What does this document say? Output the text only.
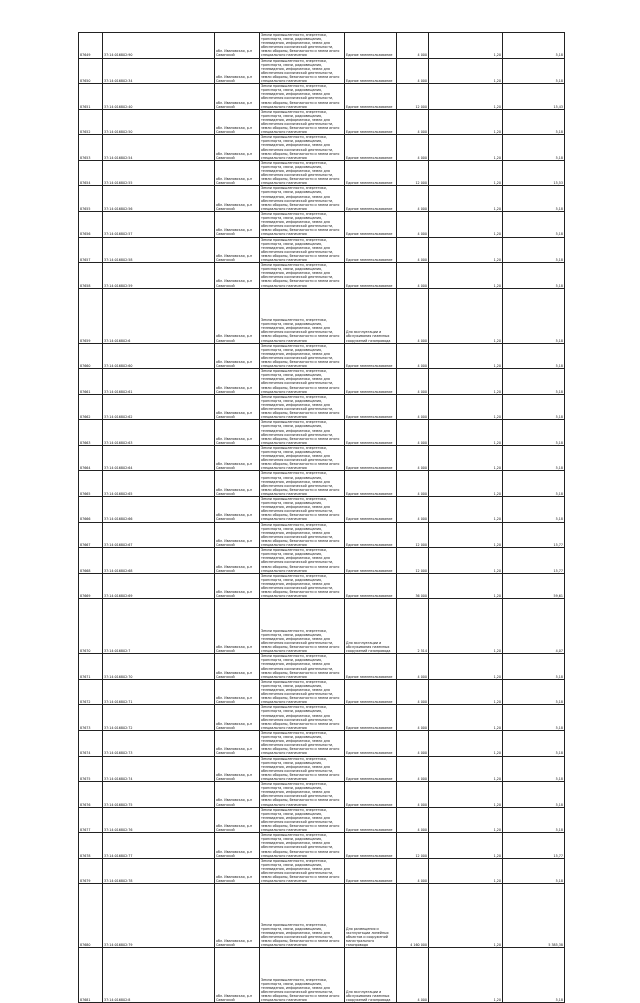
87649	37:14:016802:90	обл. Ивановская, р-н Савинский	Земли промышленности, энергетики, транспорта, связи, радиовещания, телевидения, информатики, земли для обеспечения космической деятельности, земли обороны, безопасности и земли иного специального назначения	Единое землепользование	4 000	1,20	5,18
87650	37:14:016802:34	обл. Ивановская, р-н Савинский	Земли промышленности, энергетики, транспорта, связи, радиовещания, телевидения, информатики, земли для обеспечения космической деятельности, земли обороны, безопасности и земли иного специального назначения	Единое землепользование	4 000	1,20	5,18
87651	37:14:016802:40	обл. Ивановская, р-н Савинский	Земли промышленности, энергетики, транспорта, связи, радиовещания, телевидения, информатики, земли для обеспечения космической деятельности, земли обороны, безопасности и земли иного специального назначения	Единое землепользование	12 000	1,20	15,43
87652	37:14:016802:50	обл. Ивановская, р-н Савинский	Земли промышленности, энергетики, транспорта, связи, радиовещания, телевидения, информатики, земли для обеспечения космической деятельности, земли обороны, безопасности и земли иного специального назначения	Единое землепользование	4 000	1,20	5,18
87653	37:14:016802:54	обл. Ивановская, р-н Савинский	Земли промышленности, энергетики, транспорта, связи, радиовещания, телевидения, информатики, земли для обеспечения космической деятельности, земли обороны, безопасности и земли иного специального назначения	Единое землепользование	4 000	1,20	5,18
87654	37:14:016802:55	обл. Ивановская, р-н Савинский	Земли промышленности, энергетики, транспорта, связи, радиовещания, телевидения, информатики, земли для обеспечения космической деятельности, земли обороны, безопасности и земли иного специального назначения	Единое землепользование	12 000	1,20	15,53
87655	37:14:016802:56	обл. Ивановская, р-н Савинский	Земли промышленности, энергетики, транспорта, связи, радиовещания, телевидения, информатики, земли для обеспечения космической деятельности, земли обороны, безопасности и земли иного специального назначения	Единое землепользование	4 000	1,20	5,18
87656	37:14:016802:57	обл. Ивановская, р-н Савинский	Земли промышленности, энергетики, транспорта, связи, радиовещания, телевидения, информатики, земли для обеспечения космической деятельности, земли обороны, безопасности и земли иного специального назначения	Единое землепользование	4 000	1,20	5,18
87657	37:14:016802:58	обл. Ивановская, р-н Савинский	Земли промышленности, энергетики, транспорта, связи, радиовещания, телевидения, информатики, земли для обеспечения космической деятельности, земли обороны, безопасности и земли иного специального назначения	Единое землепользование	4 000	1,20	5,18
87658	37:14:016802:59	обл. Ивановская, р-н Савинский	Земли промышленности, энергетики, транспорта, связи, радиовещания, телевидения, информатики, земли для обеспечения космической деятельности, земли обороны, безопасности и земли иного специального назначения	Единое землепользование	4 000	1,20	5,18
87659	37:14:016802:6	обл. Ивановская, р-н Савинский	Земли промышленности, энергетики, транспорта, связи, радиовещания, телевидения, информатики, земли для обеспечения космической деятельности, земли обороны, безопасности и земли иного специального назначения	Для эксплуатации и обслуживания наземных сооружений газопровода	4 000	1,20	5,18
87660	37:14:016802:60	обл. Ивановская, р-н Савинский	Земли промышленности, энергетики, транспорта, связи, радиовещания, телевидения, информатики, земли для обеспечения космической деятельности, земли обороны, безопасности и земли иного специального назначения	Единое землепользование	4 000	1,20	5,18
87661	37:14:016802:61	обл. Ивановская, р-н Савинский	Земли промышленности, энергетики, транспорта, связи, радиовещания, телевидения, информатики, земли для обеспечения космической деятельности, земли обороны, безопасности и земли иного специального назначения	Единое землепользование	4 000	1,20	5,18
87662	37:14:016802:62	обл. Ивановская, р-н Савинский	Земли промышленности, энергетики, транспорта, связи, радиовещания, телевидения, информатики, земли для обеспечения космической деятельности, земли обороны, безопасности и земли иного специального назначения	Единое землепользование	4 000	1,20	5,18
87663	37:14:016802:63	обл. Ивановская, р-н Савинский	Земли промышленности, энергетики, транспорта, связи, радиовещания, телевидения, информатики, земли для обеспечения космической деятельности, земли обороны, безопасности и земли иного специального назначения	Единое землепользование	4 000	1,20	5,18
87664	37:14:016802:64	обл. Ивановская, р-н Савинский	Земли промышленности, энергетики, транспорта, связи, радиовещания, телевидения, информатики, земли для обеспечения космической деятельности, земли обороны, безопасности и земли иного специального назначения	Единое землепользование	4 000	1,20	5,18
87665	37:14:016802:65	обл. Ивановская, р-н Савинский	Земли промышленности, энергетики, транспорта, связи, радиовещания, телевидения, информатики, земли для обеспечения космической деятельности, земли обороны, безопасности и земли иного специального назначения	Единое землепользование	4 000	1,20	5,18
87666	37:14:016802:66	обл. Ивановская, р-н Савинский	Земли промышленности, энергетики, транспорта, связи, радиовещания, телевидения, информатики, земли для обеспечения космической деятельности, земли обороны, безопасности и земли иного специального назначения	Единое землепользование	4 000	1,20	5,18
87667	37:14:016802:67	обл. Ивановская, р-н Савинский	Земли промышленности, энергетики, транспорта, связи, радиовещания, телевидения, информатики, земли для обеспечения космической деятельности, земли обороны, безопасности и земли иного специального назначения	Единое землепользование	12 000	1,20	15,77
87668	37:14:016802:68	обл. Ивановская, р-н Савинский	Земли промышленности, энергетики, транспорта, связи, радиовещания, телевидения, информатики, земли для обеспечения космической деятельности, земли обороны, безопасности и земли иного специального назначения	Единое землепользование	12 000	1,20	15,77
87669	37:14:016802:69	обл. Ивановская, р-н Савинский	Земли промышленности, энергетики, транспорта, связи, радиовещания, телевидения, информатики, земли для обеспечения космической деятельности, земли обороны, безопасности и земли иного специального назначения	Единое землепользование	36 000	1,20	59,61
87670	37:14:016802:7	обл. Ивановская, р-н Савинский	Земли промышленности, энергетики, транспорта, связи, радиовещания, телевидения, информатики, земли для обеспечения космической деятельности, земли обороны, безопасности и земли иного специального назначения	Для эксплуатации и обслуживания наземных сооружений газопровода	2 514	1,20	4,07
87671	37:14:016802:70	обл. Ивановская, р-н Савинский	Земли промышленности, энергетики, транспорта, связи, радиовещания, телевидения, информатики, земли для обеспечения космической деятельности, земли обороны, безопасности и земли иного специального назначения	Единое землепользование	4 000	1,20	5,18
87672	37:14:016802:71	обл. Ивановская, р-н Савинский	Земли промышленности, энергетики, транспорта, связи, радиовещания, телевидения, информатики, земли для обеспечения космической деятельности, земли обороны, безопасности и земли иного специального назначения	Единое землепользование	4 000	1,20	5,18
87673	37:14:016802:72	обл. Ивановская, р-н Савинский	Земли промышленности, энергетики, транспорта, связи, радиовещания, телевидения, информатики, земли для обеспечения космической деятельности, земли обороны, безопасности и земли иного специального назначения	Единое землепользование	4 000	1,20	5,18
87674	37:14:016802:73	обл. Ивановская, р-н Савинский	Земли промышленности, энергетики, транспорта, связи, радиовещания, телевидения, информатики, земли для обеспечения космической деятельности, земли обороны, безопасности и земли иного специального назначения	Единое землепользование	4 000	1,20	5,18
87675	37:14:016802:74	обл. Ивановская, р-н Савинский	Земли промышленности, энергетики, транспорта, связи, радиовещания, телевидения, информатики, земли для обеспечения космической деятельности, земли обороны, безопасности и земли иного специального назначения	Единое землепользование	4 000	1,20	5,18
87676	37:14:016802:75	обл. Ивановская, р-н Савинский	Земли промышленности, энергетики, транспорта, связи, радиовещания, телевидения, информатики, земли для обеспечения космической деятельности, земли обороны, безопасности и земли иного специального назначения	Единое землепользование	4 000	1,20	5,18
87677	37:14:016802:76	обл. Ивановская, р-н Савинский	Земли промышленности, энергетики, транспорта, связи, радиовещания, телевидения, информатики, земли для обеспечения космической деятельности, земли обороны, безопасности и земли иного специального назначения	Единое землепользование	4 000	1,20	5,18
87678	37:14:016802:77	обл. Ивановская, р-н Савинский	Земли промышленности, энергетики, транспорта, связи, радиовещания, телевидения, информатики, земли для обеспечения космической деятельности, земли обороны, безопасности и земли иного специального назначения	Единое землепользование	12 000	1,20	15,77
87679	37:14:016802:78	обл. Ивановская, р-н Савинский	Земли промышленности, энергетики, транспорта, связи, радиовещания, телевидения, информатики, земли для обеспечения космической деятельности, земли обороны, безопасности и земли иного специального назначения	Единое землепользование	4 000	1,20	5,18
87680	37:14:016802:79	обл. Ивановская, р-н Савинский	Земли промышленности, энергетики, транспорта, связи, радиовещания, телевидения, информатики, земли для обеспечения космической деятельности, земли обороны, безопасности и земли иного специального назначения	Для размещения и эксплуатации линейных объектов и сооружений магистрального газопровода	4 160 000	1,20	5 385,38
87681	37:14:016802:8	обл. Ивановская, р-н Савинский	Земли промышленности, энергетики, транспорта, связи, радиовещания, телевидения, информатики, земли для обеспечения космической деятельности, земли обороны, безопасности и земли иного специального назначения	Для эксплуатации и обслуживания наземных сооружений газопровода	4 000	1,20	5,18
